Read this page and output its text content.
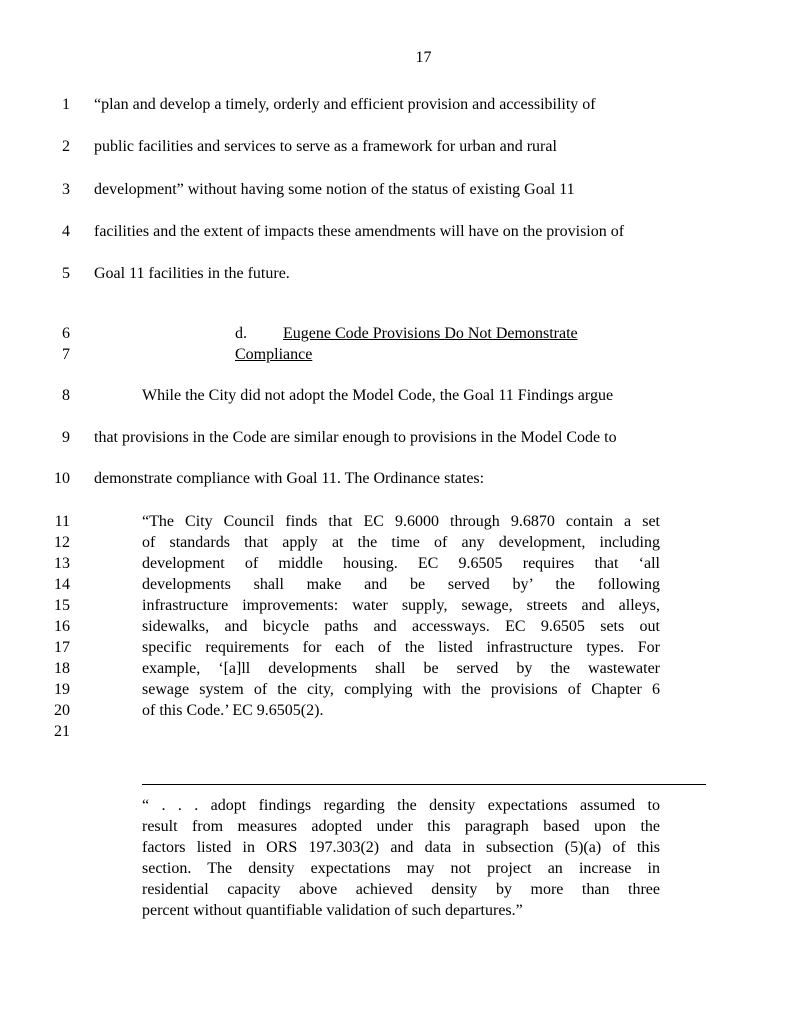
17
1 “plan and develop a timely, orderly and efficient provision and accessibility of
2 public facilities and services to serve as a framework for urban and rural
3 development” without having some notion of the status of existing Goal 11
4 facilities and the extent of impacts these amendments will have on the provision of
5 Goal 11 facilities in the future.
6
7
d. Eugene Code Provisions Do Not Demonstrate
Compliance
8	While the City did not adopt the Model Code, the Goal 11 Findings argue
9 that provisions in the Code are similar enough to provisions in the Model Code to
10 demonstrate compliance with Goal 11. The Ordinance states:
11	“The City Council finds that EC 9.6000 through 9.6870 contain a set
12	of standards that apply at the time of any development, including
13	development of middle housing. EC 9.6505 requires that ‘all
14	developments shall make and be served by’ the following
15	infrastructure improvements: water supply, sewage, streets and alleys,
16	sidewalks, and bicycle paths and accessways. EC 9.6505 sets out
17	specific requirements for each of the listed infrastructure types. For
18	example, ‘[a]ll developments shall be served by the wastewater
19	sewage system of the city, complying with the provisions of Chapter 6
20	of this Code.’ EC 9.6505(2).
21
“ . . . adopt findings regarding the density expectations assumed to
result from measures adopted under this paragraph based upon the
factors listed in ORS 197.303(2) and data in subsection (5)(a) of this
section. The density expectations may not project an increase in
residential capacity above achieved density by more than three
percent without quantifiable validation of such departures.”
